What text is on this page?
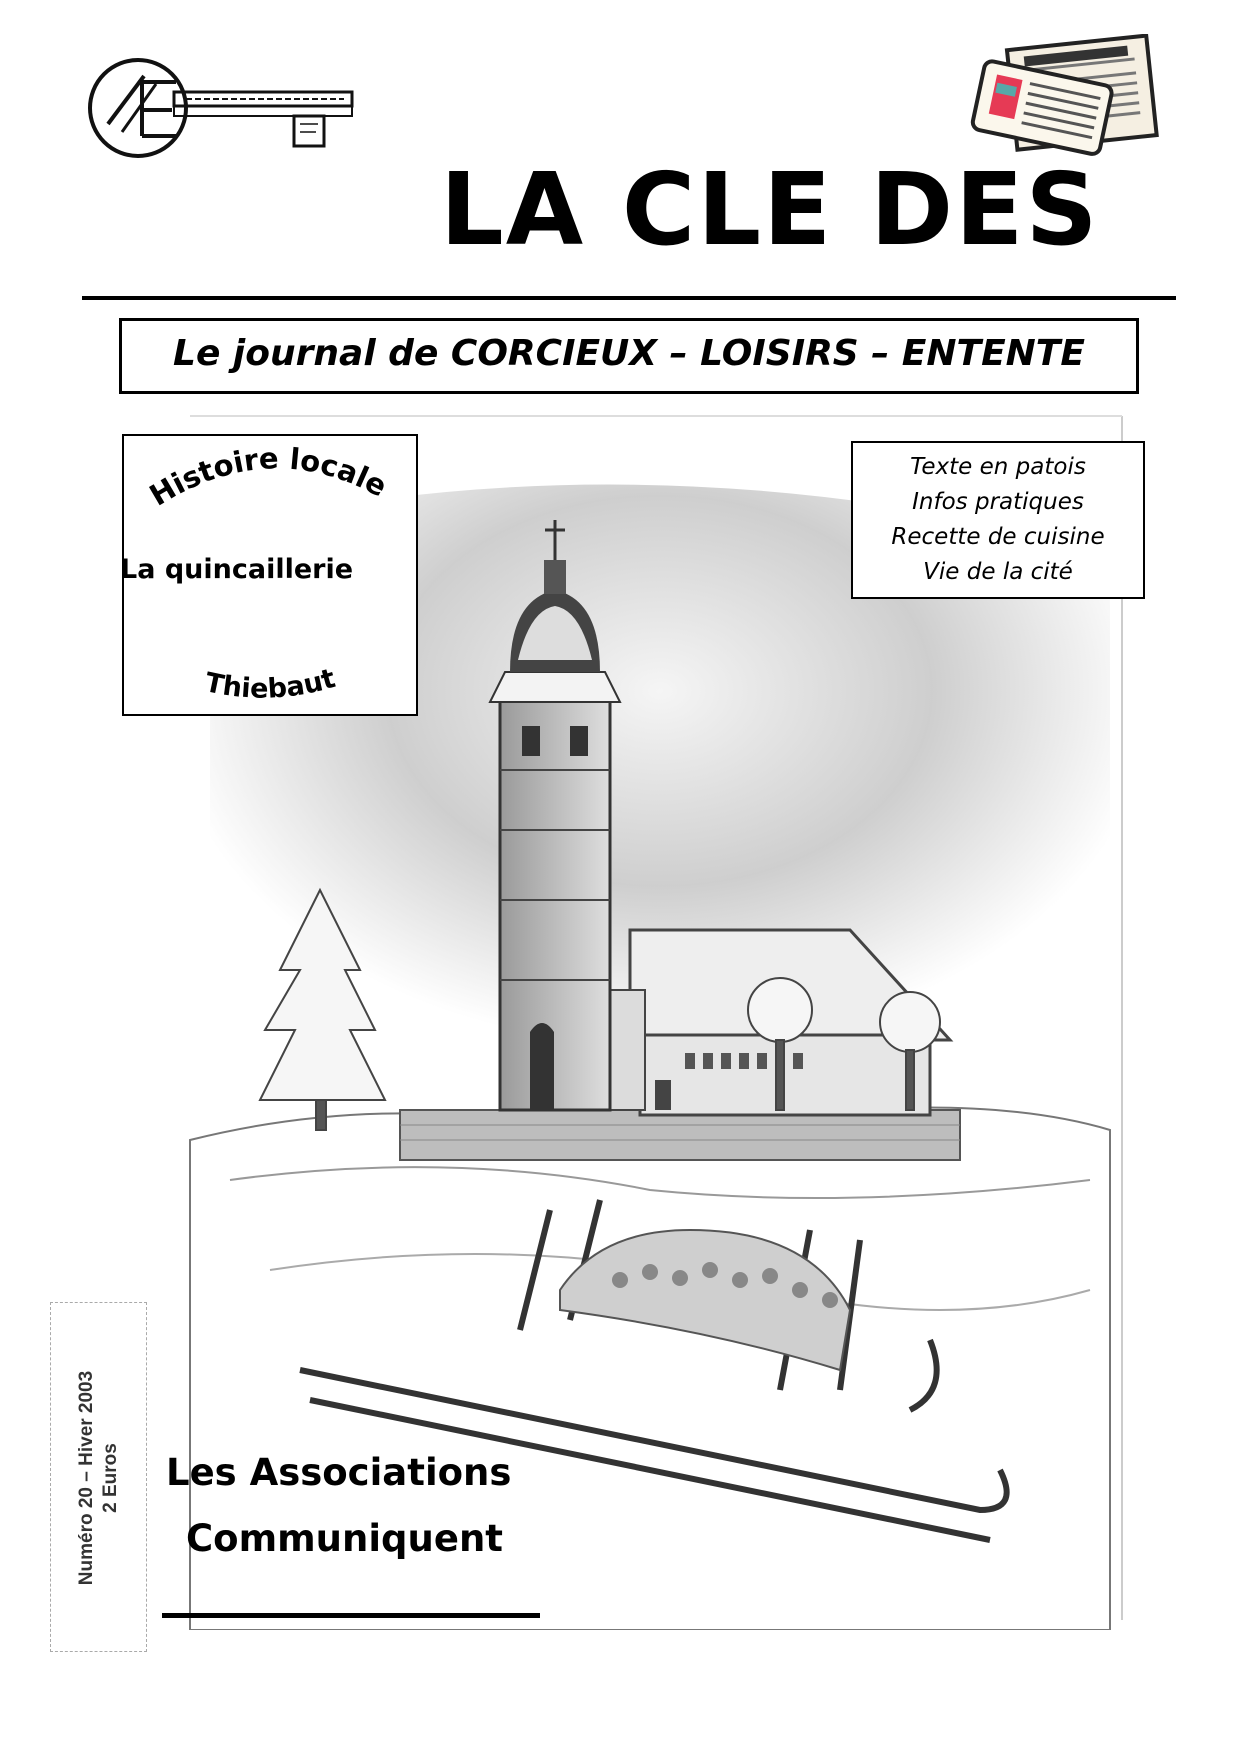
LA CLE DES
Le journal de CORCIEUX – LOISIRS – ENTENTE
Histoire locale
Thiebaut
La quincaillerie
Texte en patois
Infos pratiques
Recette de cuisine
Vie de la cité
Numéro 20 – Hiver 2003 2 Euros Les Associations
Communiquent
